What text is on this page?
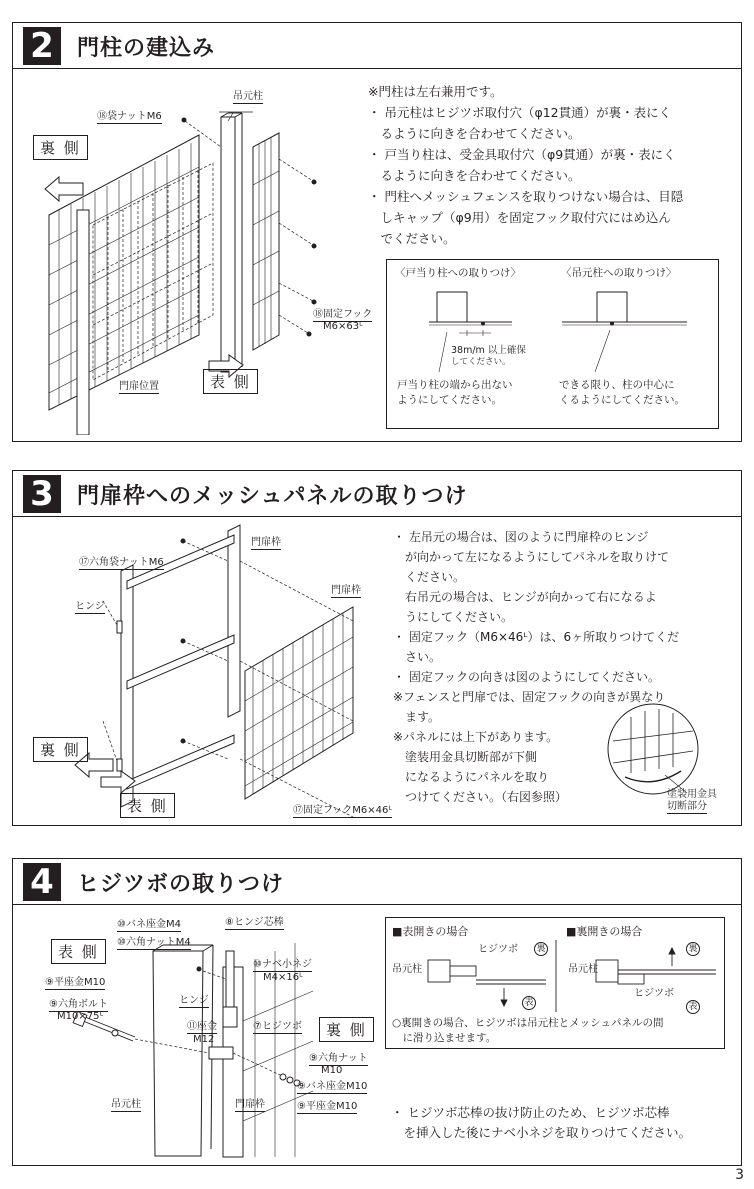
2	門柱の建込み
吊元柱
⑱袋ナットM6
裏 側
⑱固定フック
M6×63ᴸ
表 側
門扉位置

※門柱は左右兼用です。

・ 吊元柱はヒジツボ取付穴（φ12貫通）が裏・表にく

　るように向きを合わせてください。

・ 戸当り柱は、受金具取付穴（φ9貫通）が裏・表にく

　るように向きを合わせてください。

・ 門柱へメッシュフェンスを取りつけない場合は、目隠

　しキャップ（φ9用）を固定フック取付穴にはめ込ん

　でください。

〈戸当り柱への取りつけ〉	〈吊元柱への取りつけ〉
38m/m 以上確保
してください。

戸当り柱の端から出ない

ようにしてください。

できる限り、柱の中心に

くるようにしてください。

3	門扉枠へのメッシュパネルの取りつけ
⑰六角袋ナットM6
門扉枠
門扉枠
ヒンジ
裏 側
表 側	⑰固定フックM6×46ᴸ

・ 左吊元の場合は、図のように門扉枠のヒンジ

　が向かって左になるようにしてパネルを取りけて

　ください。

　右吊元の場合は、ヒンジが向かって右になるよ

　うにしてください。

・ 固定フック（M6×46ᴸ）は、6ヶ所取りつけてくだ

　さい。

・ 固定フックの向きは図のようにしてください。

※フェンスと門扉では、固定フックの向きが異なり

　ます。

※パネルには上下があります。

　塗装用金具切断部が下側

　になるようにパネルを取り

　つけてください。（右図参照）	塗装用金具
切断部分
4	ヒジツボの取りつけ
⑩バネ座金M4	⑧ヒンジ芯棒
⑩六角ナットM4
表 側
⑩ナベ小ネジ
M4×16ᴸ
⑨平座金M10
⑨六角ボルト
M10×75ᴸ
ヒンジ
⑪座金
M12
⑦ヒジツボ	裏 側
⑨六角ナット
M10
⑨バネ座金M10
⑨平座金M10
吊元柱	門扉枠
■表開きの場合	■裏開きの場合
ヒジツボ 裏
吊元柱
表
裏
吊元柱
ヒジツボ
表

○裏開きの場合、ヒジツボは吊元柱とメッシュパネルの間

　に滑り込ませます。

・ ヒジツボ芯棒の抜け防止のため、ヒジツボ芯棒

　を挿入した後にナベ小ネジを取りつけてください。

3
